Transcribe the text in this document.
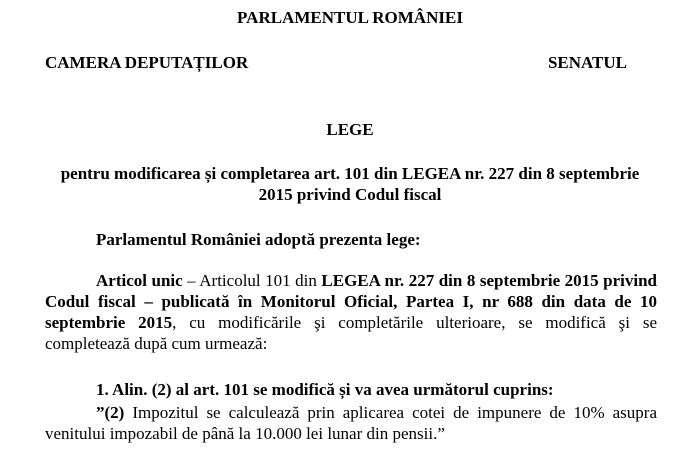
PARLAMENTUL ROMÂNIEI
CAMERA DEPUTAȚILOR	SENATUL
LEGE
pentru modificarea și completarea art. 101 din LEGEA nr. 227 din 8 septembrie 2015 privind Codul fiscal
Parlamentul României adoptă prezenta lege:
Articol unic – Articolul 101 din LEGEA nr. 227 din 8 septembrie 2015 privind Codul fiscal – publicată în Monitorul Oficial, Partea I, nr 688 din data de 10 septembrie 2015, cu modificările şi completările ulterioare, se modifică şi se completează după cum urmează:
1. Alin. (2) al art. 101 se modifică și va avea următorul cuprins:
”(2) Impozitul se calculează prin aplicarea cotei de impunere de 10% asupra venitului impozabil de până la 10.000 lei lunar din pensii.”
